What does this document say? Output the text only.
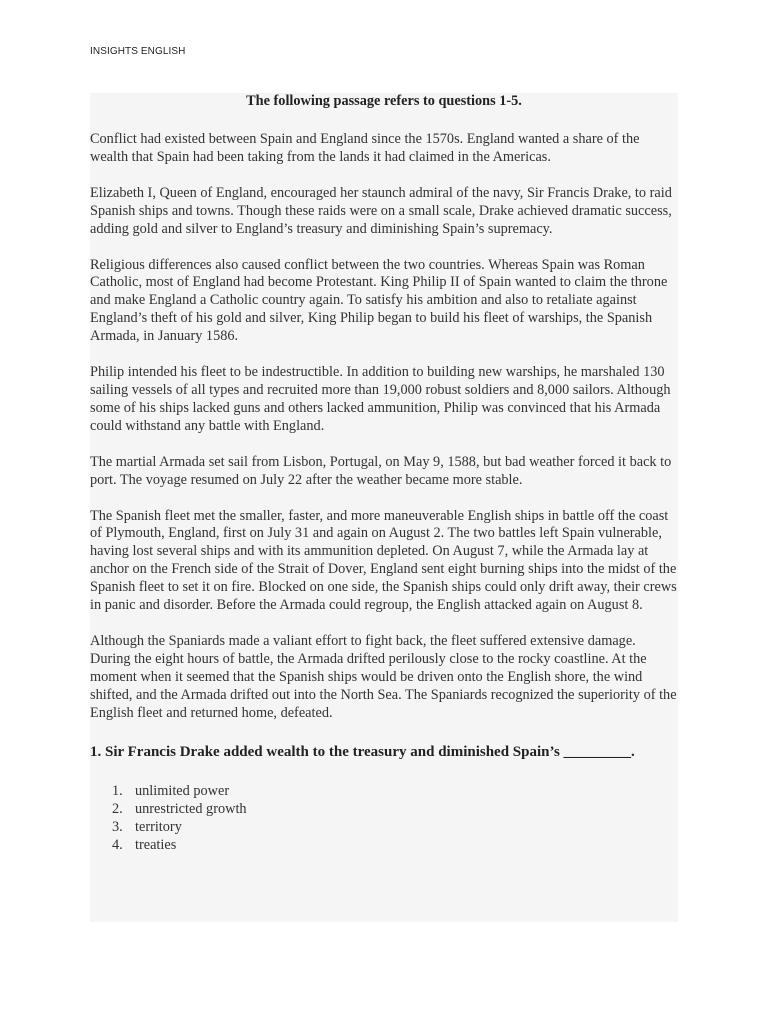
INSIGHTS ENGLISH

The following passage refers to questions 1-5.

Conflict had existed between Spain and England since the 1570s. England wanted a share of the wealth that Spain had been taking from the lands it had claimed in the Americas.

Elizabeth I, Queen of England, encouraged her staunch admiral of the navy, Sir Francis Drake, to raid Spanish ships and towns. Though these raids were on a small scale, Drake achieved dramatic success, adding gold and silver to England’s treasury and diminishing Spain’s supremacy.

Religious differences also caused conflict between the two countries. Whereas Spain was Roman Catholic, most of England had become Protestant. King Philip II of Spain wanted to claim the throne and make England a Catholic country again. To satisfy his ambition and also to retaliate against England’s theft of his gold and silver, King Philip began to build his fleet of warships, the Spanish Armada, in January 1586.

Philip intended his fleet to be indestructible. In addition to building new warships, he marshaled 130 sailing vessels of all types and recruited more than 19,000 robust soldiers and 8,000 sailors. Although some of his ships lacked guns and others lacked ammunition, Philip was convinced that his Armada could withstand any battle with England.

The martial Armada set sail from Lisbon, Portugal, on May 9, 1588, but bad weather forced it back to port. The voyage resumed on July 22 after the weather became more stable.

The Spanish fleet met the smaller, faster, and more maneuverable English ships in battle off the coast of Plymouth, England, first on July 31 and again on August 2. The two battles left Spain vulnerable, having lost several ships and with its ammunition depleted. On August 7, while the Armada lay at anchor on the French side of the Strait of Dover, England sent eight burning ships into the midst of the Spanish fleet to set it on fire. Blocked on one side, the Spanish ships could only drift away, their crews in panic and disorder. Before the Armada could regroup, the English attacked again on August 8.

Although the Spaniards made a valiant effort to fight back, the fleet suffered extensive damage. During the eight hours of battle, the Armada drifted perilously close to the rocky coastline. At the moment when it seemed that the Spanish ships would be driven onto the English shore, the wind shifted, and the Armada drifted out into the North Sea. The Spaniards recognized the superiority of the English fleet and returned home, defeated.

1. Sir Francis Drake added wealth to the treasury and diminished Spain’s _________.

1. unlimited power
2. unrestricted growth
3. territory
4. treaties
